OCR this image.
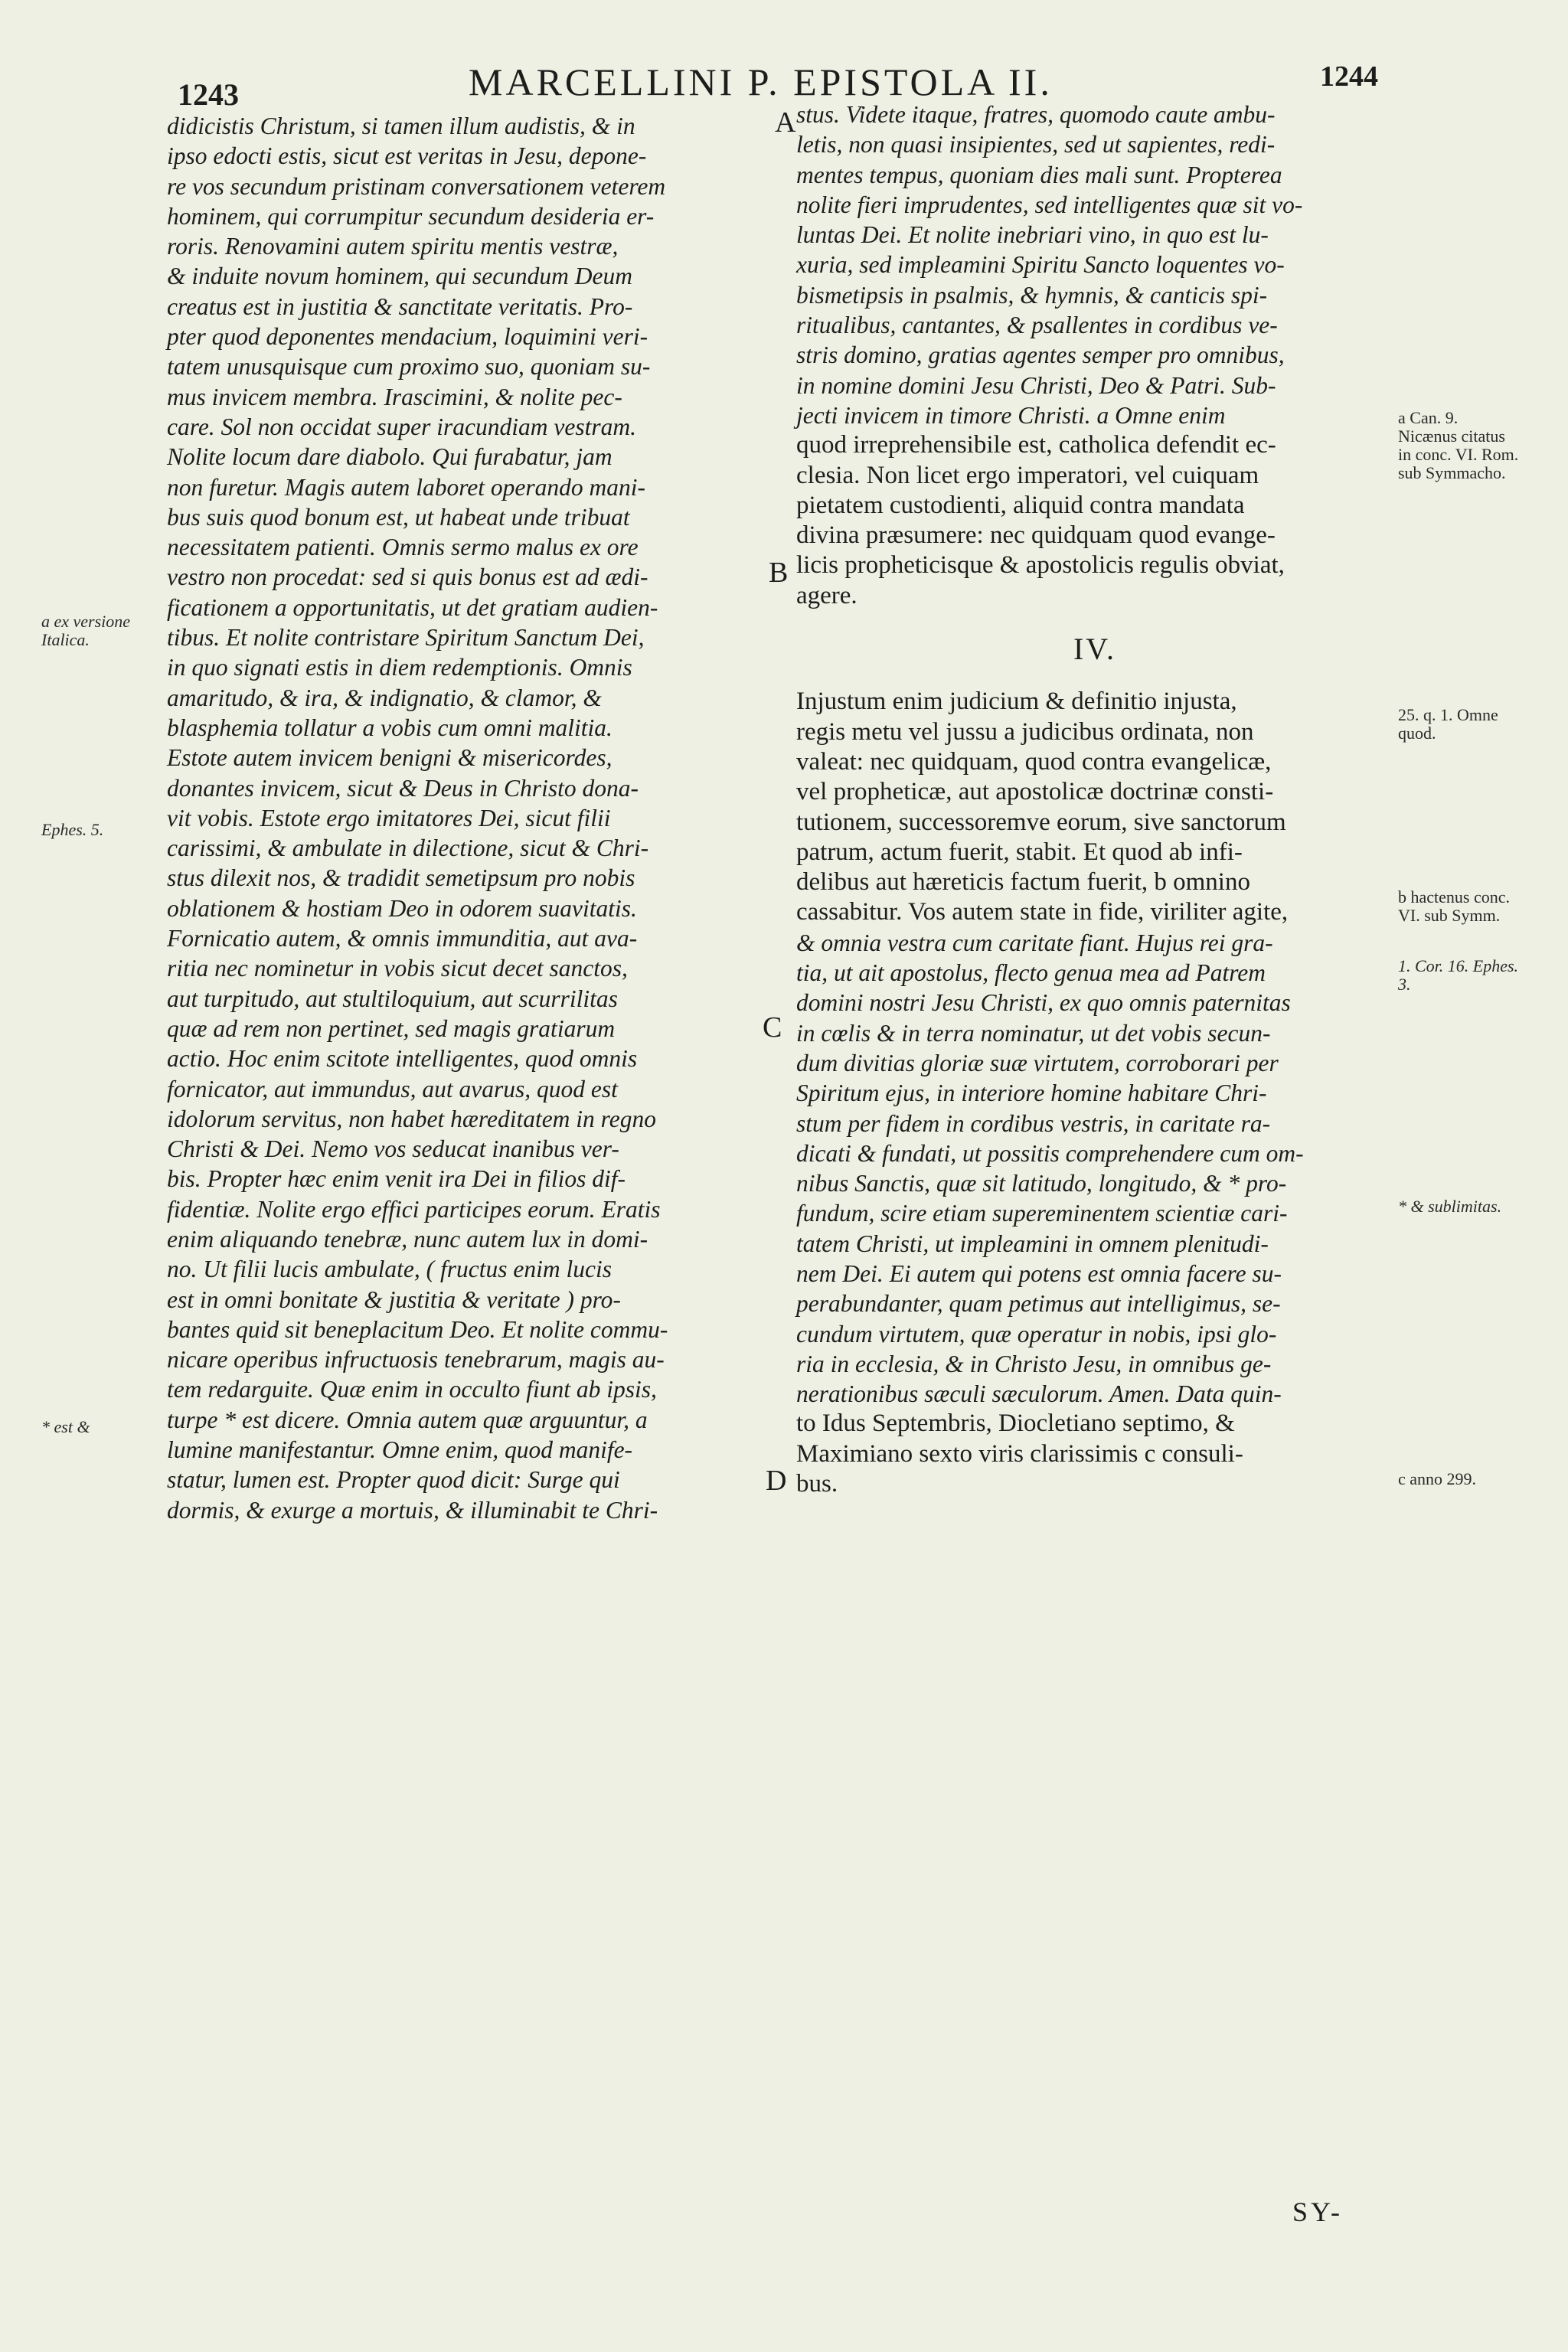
1243	MARCELLINI P. EPISTOLA II.	1244
didicistis Christum, si tamen illum audistis, & in
ipso edocti estis, sicut est veritas in Jesu, depone-
re vos secundum pristinam conversationem veterem
hominem, qui corrumpitur secundum desideria er-
roris. Renovamini autem spiritu mentis vestræ,
& induite novum hominem, qui secundum Deum
creatus est in justitia & sanctitate veritatis. Pro-
pter quod deponentes mendacium, loquimini veri-
tatem unusquisque cum proximo suo, quoniam su-
mus invicem membra. Irascimini, & nolite pec-
care. Sol non occidat super iracundiam vestram.
Nolite locum dare diabolo. Qui furabatur, jam
non furetur. Magis autem laboret operando mani-
bus suis quod bonum est, ut habeat unde tribuat
necessitatem patienti. Omnis sermo malus ex ore
vestro non procedat: sed si quis bonus est ad ædi-
ficationem a opportunitatis, ut det gratiam audien-
tibus. Et nolite contristare Spiritum Sanctum Dei,
in quo signati estis in diem redemptionis. Omnis
amaritudo, & ira, & indignatio, & clamor, &
blasphemia tollatur a vobis cum omni malitia.
Estote autem invicem benigni & misericordes,
donantes invicem, sicut & Deus in Christo dona-
vit vobis. Estote ergo imitatores Dei, sicut filii
carissimi, & ambulate in dilectione, sicut & Chri-
stus dilexit nos, & tradidit semetipsum pro nobis
oblationem & hostiam Deo in odorem suavitatis.
Fornicatio autem, & omnis immunditia, aut ava-
ritia nec nominetur in vobis sicut decet sanctos,
aut turpitudo, aut stultiloquium, aut scurrilitas
quæ ad rem non pertinet, sed magis gratiarum
actio. Hoc enim scitote intelligentes, quod omnis
fornicator, aut immundus, aut avarus, quod est
idolorum servitus, non habet hæreditatem in regno
Christi & Dei. Nemo vos seducat inanibus ver-
bis. Propter hæc enim venit ira Dei in filios dif-
fidentiæ. Nolite ergo effici participes eorum. Eratis
enim aliquando tenebræ, nunc autem lux in domi-
no. Ut filii lucis ambulate, ( fructus enim lucis
est in omni bonitate & justitia & veritate ) pro-
bantes quid sit beneplacitum Deo. Et nolite commu-
nicare operibus infructuosis tenebrarum, magis au-
tem redarguite. Quæ enim in occulto fiunt ab ipsis,
turpe * est dicere. Omnia autem quæ arguuntur, a
lumine manifestantur. Omne enim, quod manife-
statur, lumen est. Propter quod dicit: Surge qui
dormis, & exurge a mortuis, & illuminabit te Chri-
stus. Videte itaque, fratres, quomodo caute ambu-
letis, non quasi insipientes, sed ut sapientes, redi-
mentes tempus, quoniam dies mali sunt. Propterea
nolite fieri imprudentes, sed intelligentes quæ sit vo-
luntas Dei. Et nolite inebriari vino, in quo est lu-
xuria, sed impleamini Spiritu Sancto loquentes vo-
bismetipsis in psalmis, & hymnis, & canticis spi-
ritualibus, cantantes, & psallentes in cordibus ve-
stris domino, gratias agentes semper pro omnibus,
in nomine domini Jesu Christi, Deo & Patri. Sub-
jecti invicem in timore Christi. a Omne enim
quod irreprehensibile est, catholica defendit ec-
clesia. Non licet ergo imperatori, vel cuiquam
pietatem custodienti, aliquid contra mandata
divina præsumere: nec quidquam quod evange-
licis propheticisque & apostolicis regulis obviat,
agere.
IV.
Injustum enim judicium & definitio injusta,
regis metu vel jussu a judicibus ordinata, non
valeat: nec quidquam, quod contra evangelicæ,
vel propheticæ, aut apostolicæ doctrinæ consti-
tutionem, successoremve eorum, sive sanctorum
patrum, actum fuerit, stabit. Et quod ab infi-
delibus aut hæreticis factum fuerit, b omnino
cassabitur. Vos autem state in fide, viriliter agite,
& omnia vestra cum caritate fiant. Hujus rei gra-
tia, ut ait apostolus, flecto genua mea ad Patrem
domini nostri Jesu Christi, ex quo omnis paternitas
in cœlis & in terra nominatur, ut det vobis secun-
dum divitias gloriæ suæ virtutem, corroborari per
Spiritum ejus, in interiore homine habitare Chri-
stum per fidem in cordibus vestris, in caritate ra-
dicati & fundati, ut possitis comprehendere cum om-
nibus Sanctis, quæ sit latitudo, longitudo, & * pro-
fundum, scire etiam supereminentem scientiæ cari-
tatem Christi, ut impleamini in omnem plenitudi-
nem Dei. Ei autem qui potens est omnia facere su-
perabundanter, quam petimus aut intelligimus, se-
cundum virtutem, quæ operatur in nobis, ipsi glo-
ria in ecclesia, & in Christo Jesu, in omnibus ge-
nerationibus sæculi sæculorum. Amen. Data quin-
to Idus Septembris, Diocletiano septimo, &
Maximiano sexto viris clarissimis c consuli-
bus.
A
B
C
D
a ex versione Italica.
Ephes. 5.
* est &
a Can. 9. Nicænus citatus in conc. VI. Rom. sub Symmacho.
25. q. 1. Omne quod.
b hactenus conc. VI. sub Symm.
1. Cor. 16. Ephes. 3.
* & sublimitas.
c anno 299.
SY-
